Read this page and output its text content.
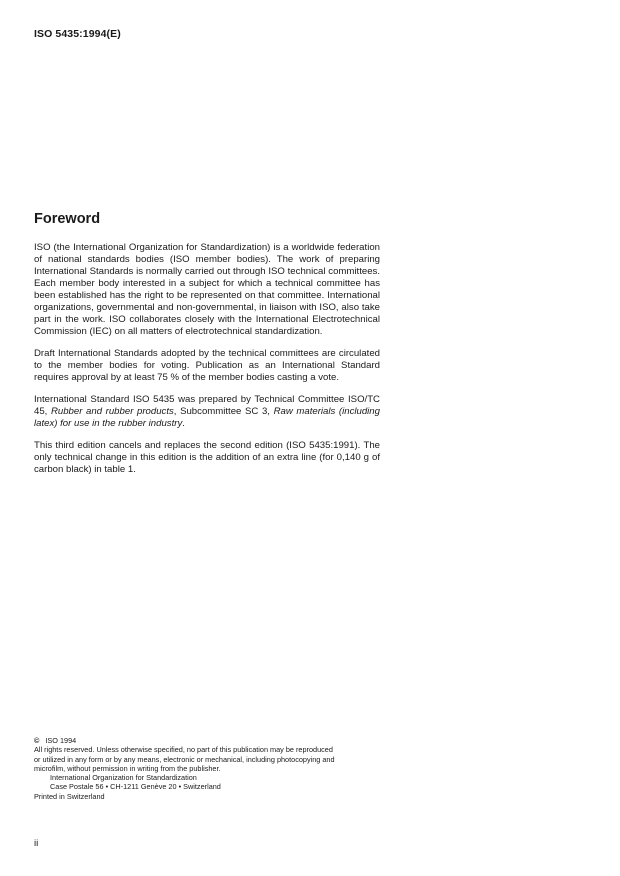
ISO 5435:1994(E)
Foreword

ISO (the International Organization for Standardization) is a worldwide federation of national standards bodies (ISO member bodies). The work of preparing International Standards is normally carried out through ISO technical committees. Each member body interested in a subject for which a technical committee has been established has the right to be represented on that committee. International organizations, governmental and non-governmental, in liaison with ISO, also take part in the work. ISO collaborates closely with the International Electrotechnical Commission (IEC) on all matters of electrotechnical standardization.

Draft International Standards adopted by the technical committees are circulated to the member bodies for voting. Publication as an International Standard requires approval by at least 75 % of the member bodies casting a vote.

International Standard ISO 5435 was prepared by Technical Committee ISO/TC 45, Rubber and rubber products, Subcommittee SC 3, Raw materials (including latex) for use in the rubber industry.

This third edition cancels and replaces the second edition (ISO 5435:1991). The only technical change in this edition is the addition of an extra line (for 0,140 g of carbon black) in table 1.

© ISO 1994

All rights reserved. Unless otherwise specified, no part of this publication may be reproduced

or utilized in any form or by any means, electronic or mechanical, including photocopying and

microfilm, without permission in writing from the publisher.

International Organization for Standardization

Case Postale 56 • CH-1211 Genève 20 • Switzerland

Printed in Switzerland

ii
